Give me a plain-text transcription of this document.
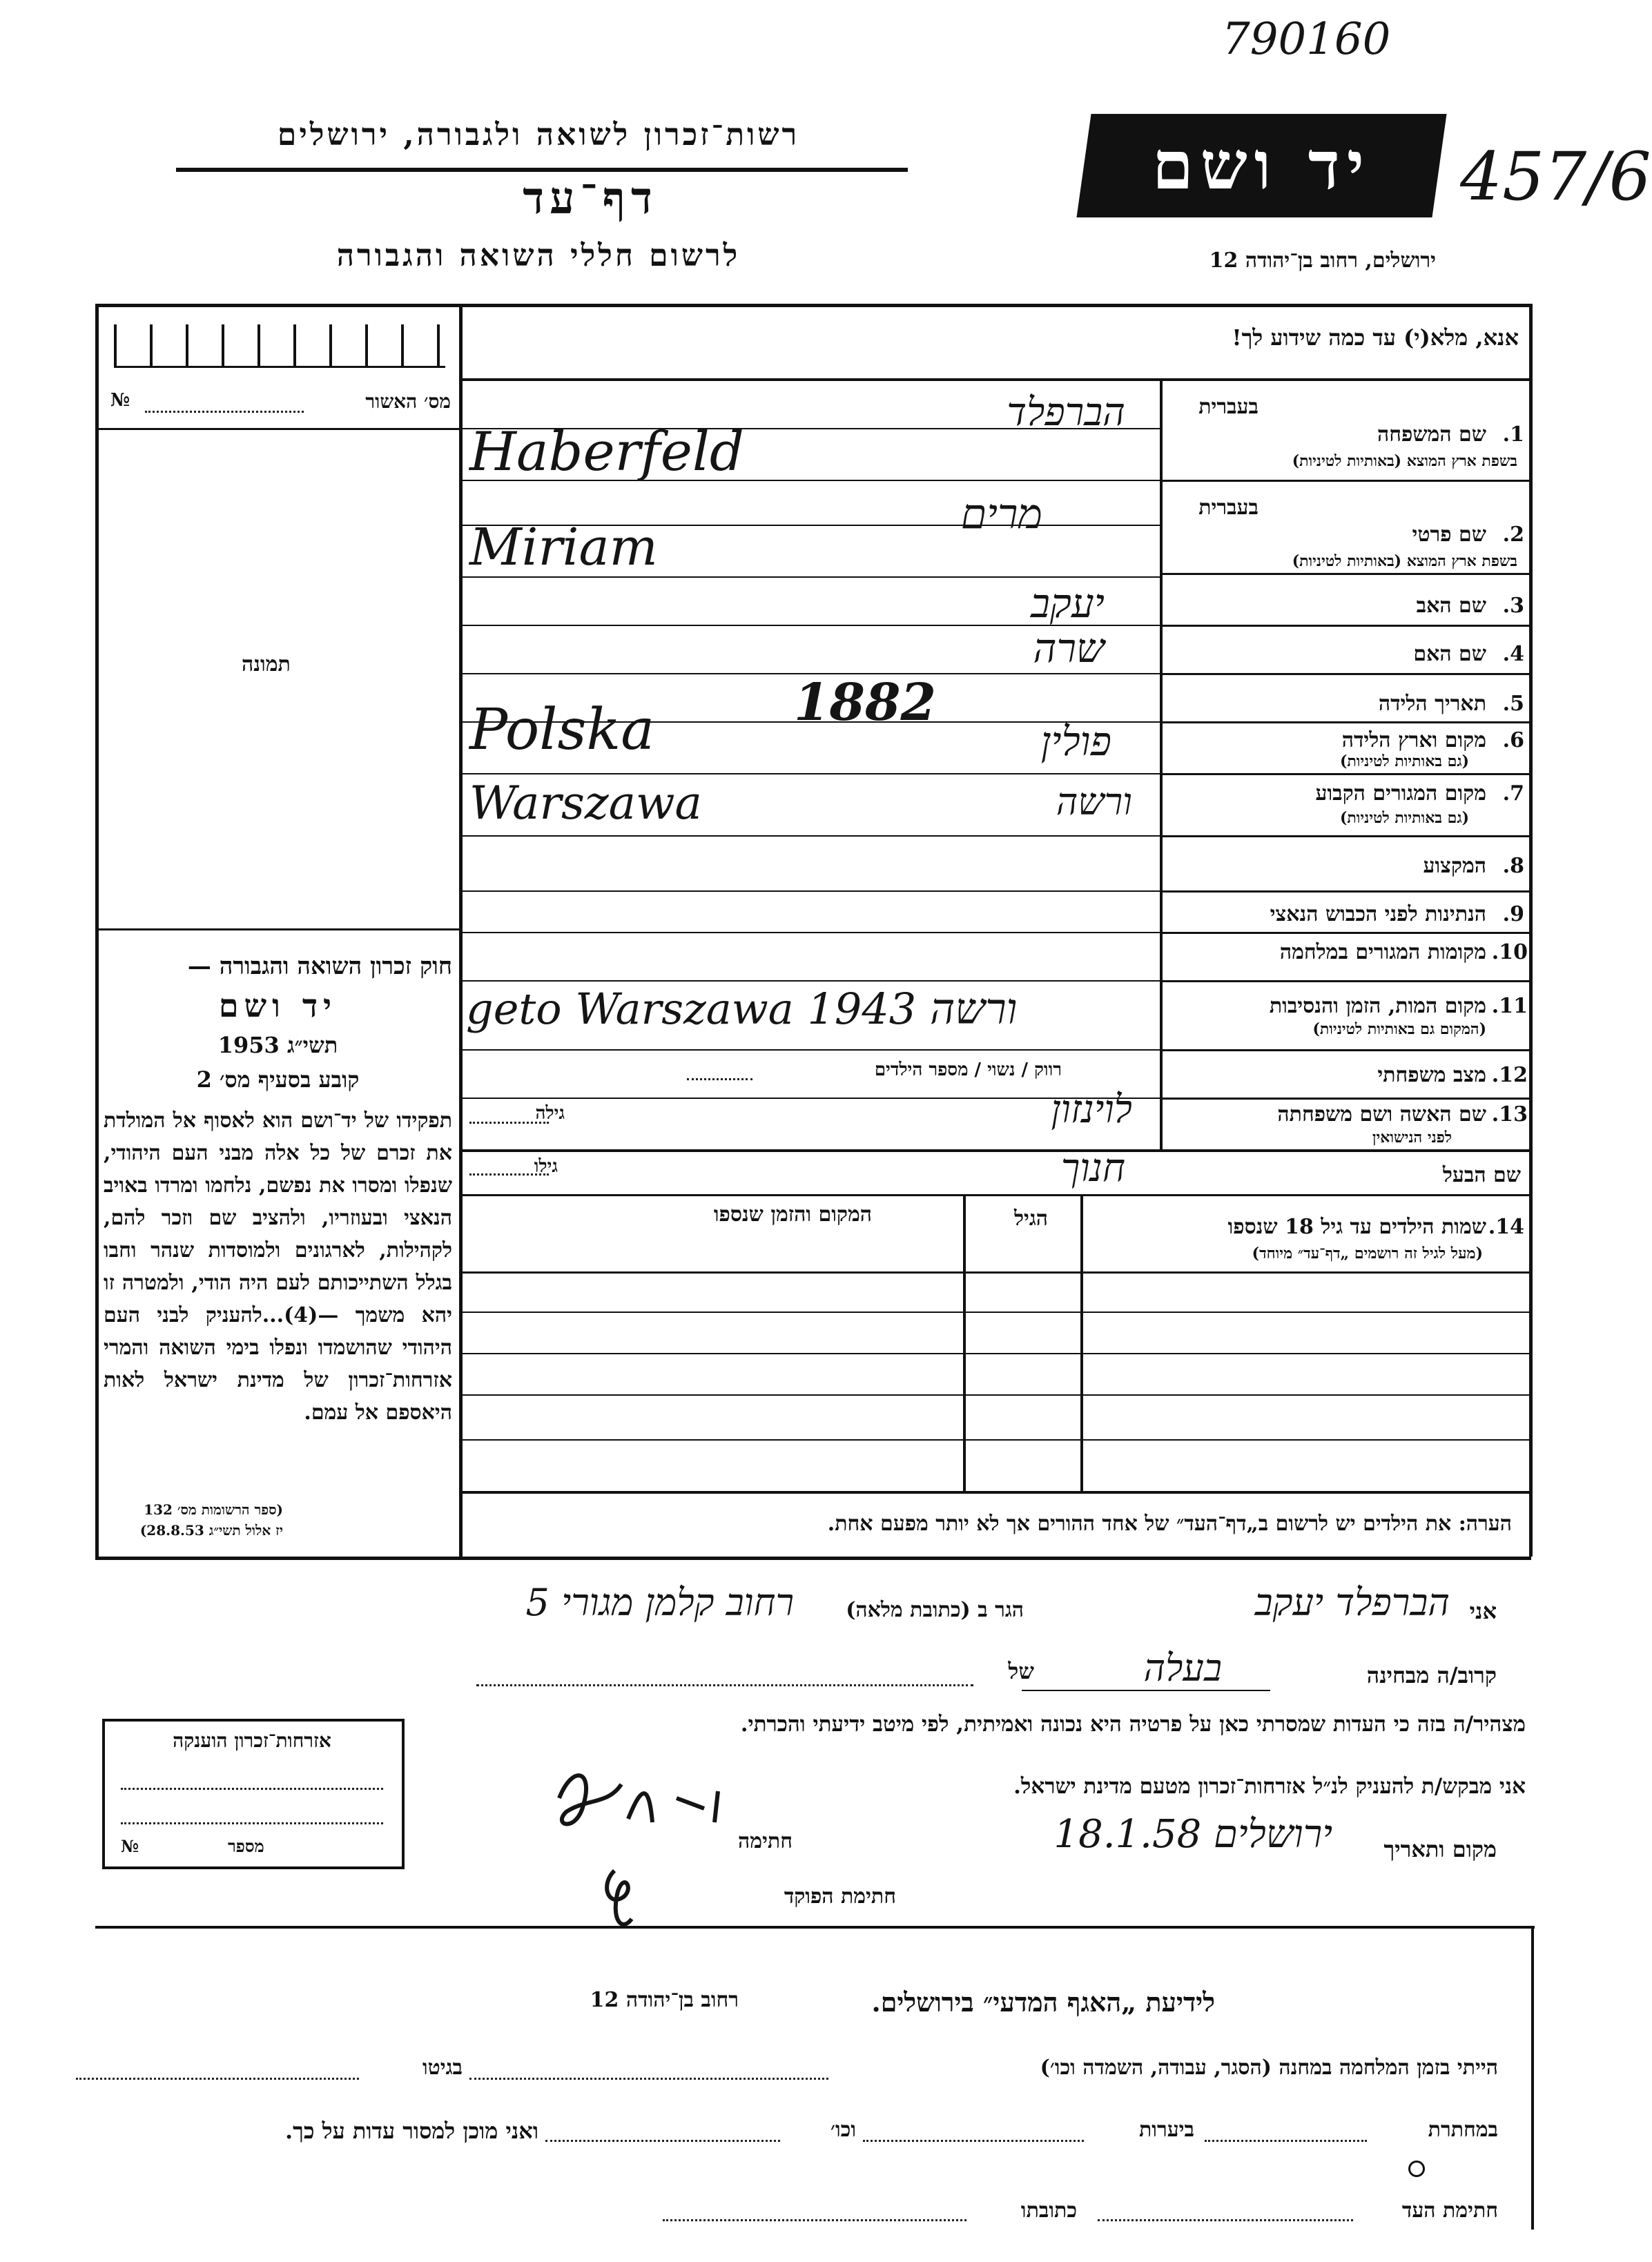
790160
457/6
רשות־זכרון לשואה ולגבורה, ירושלים
דף־עד
לרשום חללי השואה והגבורה
יד ושם
ירושלים, רחוב בן־יהודה 12
מס׳ האשור
№
תמונה
חוק זכרון השואה והגבורה —
יד ושם
תשי״ג 1953
קובע בסעיף מס׳ 2
תפקידו של יד־ושם הוא לאסוף אל המולדת את זכרם של כל אלה מבני העם היהודי, שנפלו ומסרו את נפשם, נלחמו ומרדו באויב הנאצי ובעוזריו, ולהציב שם וזכר להם, לקהילות, לארגונים ולמוסדות שנהר וחבו בגלל השתייכותם לעם היה הודי, ולמטרה זו יהא משמך —(4)...להעניק לבני העם היהודי שהושמדו ונפלו בימי השואה והמרי אזרחות־זכרון של מדינת ישראל לאות היאספם אל עמם.
(ספר הרשומות מס׳ 132
יז אלול תשי״ג 28.8.53)
אנא, מלא(י) עד כמה שידוע לך!
בעברית
1.
שם המשפחה
בשפת ארץ המוצא (באותיות לטיניות)
הברפלד
Haberfeld
בעברית
2.
שם פרטי
בשפת ארץ המוצא (באותיות לטיניות)
מרים
Miriam
3.
שם האב
יעקב
4.
שם האם
שרה
5.
תאריך הלידה
1882
6.
מקום וארץ הלידה
(גם באותיות לטיניות)
Polska	פולין
7.
מקום המגורים הקבוע
(גם באותיות לטיניות)
Warszawa	ורשה
8.
המקצוע
9.
הנתינות לפני הכבוש הנאצי
10.
מקומות המגורים במלחמה
11.
מקום המות, הזמן והנסיבות
(המקום גם באותיות לטיניות)
geto Warszawa ורשה 1943
12.
מצב משפחתי
רווק / נשוי / מספר הילדים
13.
שם האשה ושם משפחתה
לפני הנישואין
לוינזון
גילה
שם הבעל
חנוך
גילו
14.
שמות הילדים עד גיל 18 שנספו
(מעל לגיל זה רושמים „דף־עד״ מיוחד)
הגיל
המקום והזמן שנספו
הערה: את הילדים יש לרשום ב„דף־העד״ של אחד ההורים אך לא יותר מפעם אחת.
אני
הברפלד יעקב
הגר ב (כתובת מלאה)
רחוב קלמן מגורי 5
קרוב/ה מבחינה
בעלה
של
מצהיר/ה בזה כי העדות שמסרתי כאן על פרטיה היא נכונה ואמיתית, לפי מיטב ידיעתי והכרתי.
אני מבקש/ת להעניק לנ״ל אזרחות־זכרון מטעם מדינת ישראל.
מקום ותאריך
ירושלים 18.1.58
חתימה
חתימת הפוקד
אזרחות־זכרון הוענקה
מספר
№
לידיעת „האגף המדעי״ בירושלים.
רחוב בן־יהודה 12
הייתי בזמן המלחמה במחנה (הסגר, עבודה, השמדה וכו׳)
בגיטו
במחתרת
ביערות
וכו׳
ואני מוכן למסור עדות על כך.
חתימת העד
כתובתו
